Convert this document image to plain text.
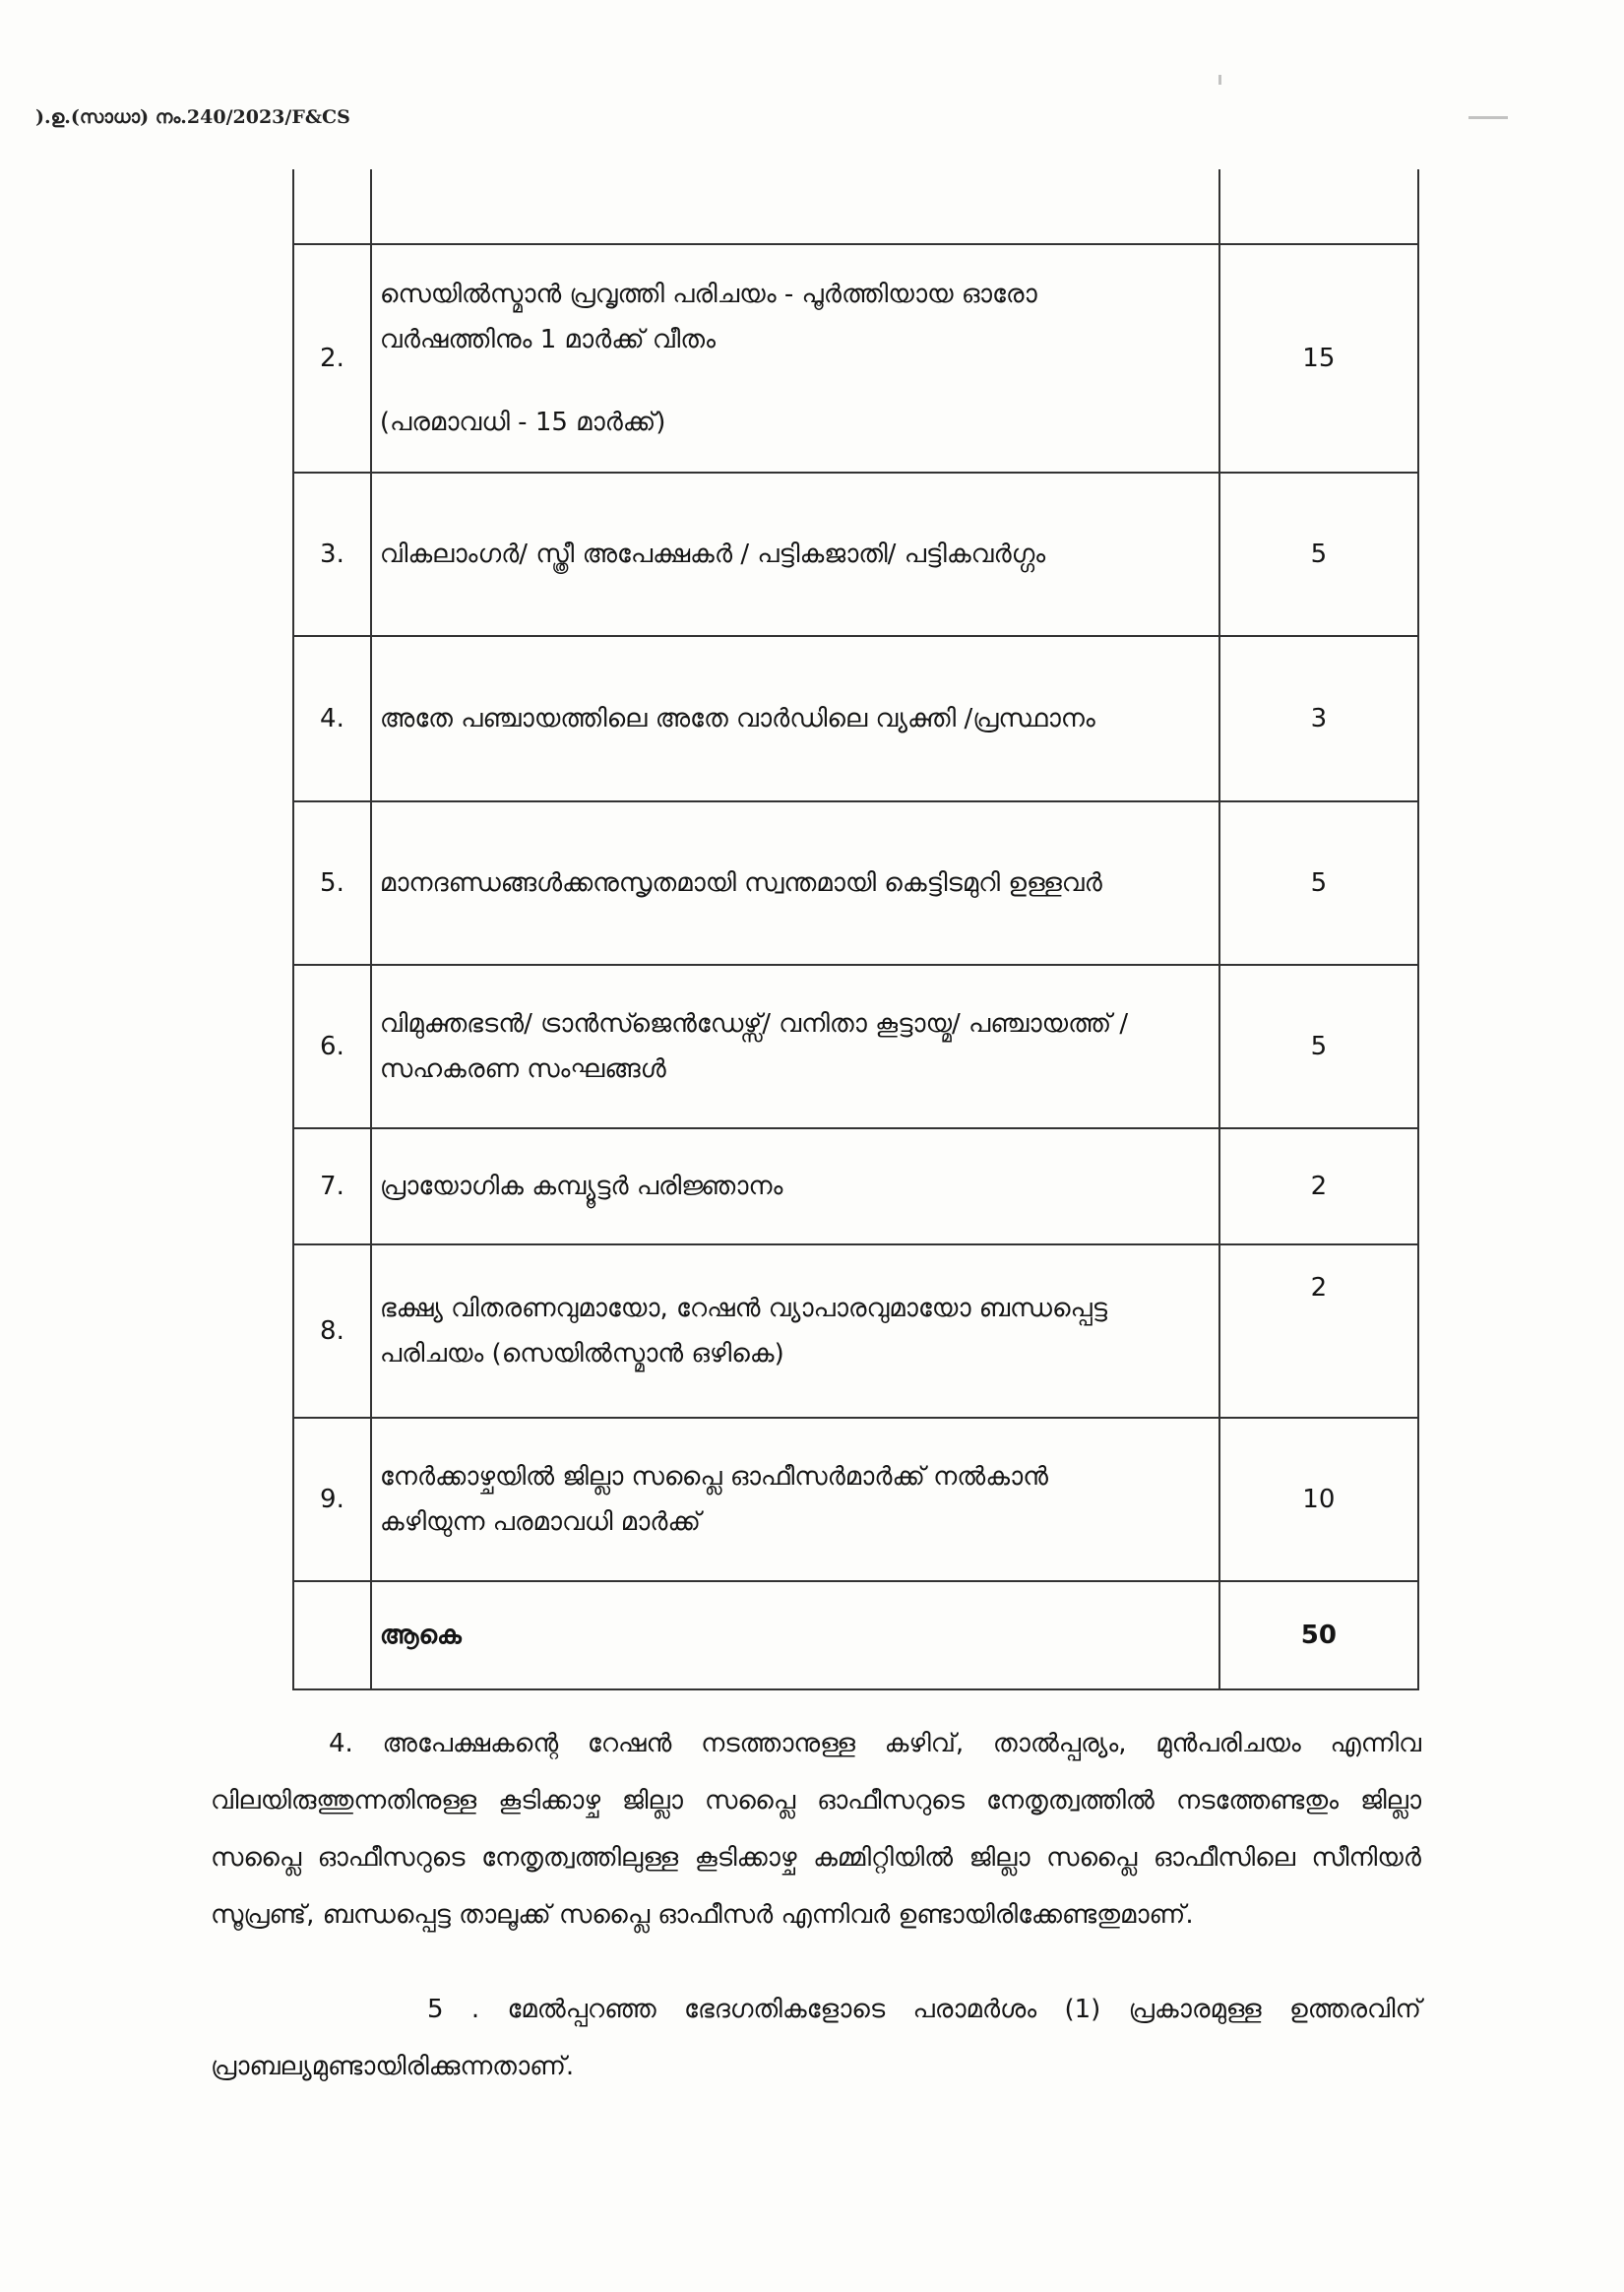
).ഉ.(സാധാ) നം.240/2023/F&CS

2.	സെയിൽസ്മാൻ പ്രവൃത്തി പരിചയം - പൂർത്തിയായ ഓരോ
വർഷത്തിനും 1 മാർക്ക് വീതം
(പരമാവധി - 15 മാർക്ക്)	15
3.	വികലാംഗർ/ സ്ത്രീ അപേക്ഷകർ / പട്ടികജാതി/ പട്ടികവർഗ്ഗം	5
4.	അതേ പഞ്ചായത്തിലെ അതേ വാർഡിലെ വ്യക്തി /പ്രസ്ഥാനം	3
5.	മാനദണ്ഡങ്ങൾക്കനുസൃതമായി സ്വന്തമായി കെട്ടിടമുറി ഉള്ളവർ	5
6.	വിമുക്തഭടൻ/ ട്രാൻസ്ജെൻഡേഴ്സ്/ വനിതാ കൂട്ടായ്മ/ പഞ്ചായത്ത് /
സഹകരണ സംഘങ്ങൾ	5
7.	പ്രായോഗിക കമ്പ്യൂട്ടർ പരിജ്ഞാനം	2
8.	ഭക്ഷ്യ വിതരണവുമായോ, റേഷൻ വ്യാപാരവുമായോ ബന്ധപ്പെട്ട
പരിചയം (സെയിൽസ്മാൻ ഒഴികെ)	2
9.	നേർക്കാഴ്ചയിൽ ജില്ലാ സപ്ലൈ ഓഫീസർമാർക്ക് നൽകാൻ
കഴിയുന്ന പരമാവധി മാർക്ക്	10
	ആകെ	50

4. അപേക്ഷകന്റെ റേഷൻ നടത്താനുള്ള കഴിവ്, താൽപ്പര്യം, മുൻപരിചയം എന്നിവ വിലയിരുത്തുന്നതിനുള്ള കൂടിക്കാഴ്ച ജില്ലാ സപ്ലൈ ഓഫീസറുടെ നേതൃത്വത്തിൽ നടത്തേണ്ടതും ജില്ലാ സപ്ലൈ ഓഫീസറുടെ നേതൃത്വത്തിലുള്ള കൂടിക്കാഴ്ച കമ്മിറ്റിയിൽ ജില്ലാ സപ്ലൈ ഓഫീസിലെ സീനിയർ സൂപ്രണ്ട്, ബന്ധപ്പെട്ട താലൂക്ക് സപ്ലൈ ഓഫീസർ എന്നിവർ ഉണ്ടായിരിക്കേണ്ടതുമാണ്.

5 . മേൽപ്പറഞ്ഞ ഭേദഗതികളോടെ പരാമർശം (1) പ്രകാരമുള്ള ഉത്തരവിന് പ്രാബല്യമുണ്ടായിരിക്കുന്നതാണ്.
